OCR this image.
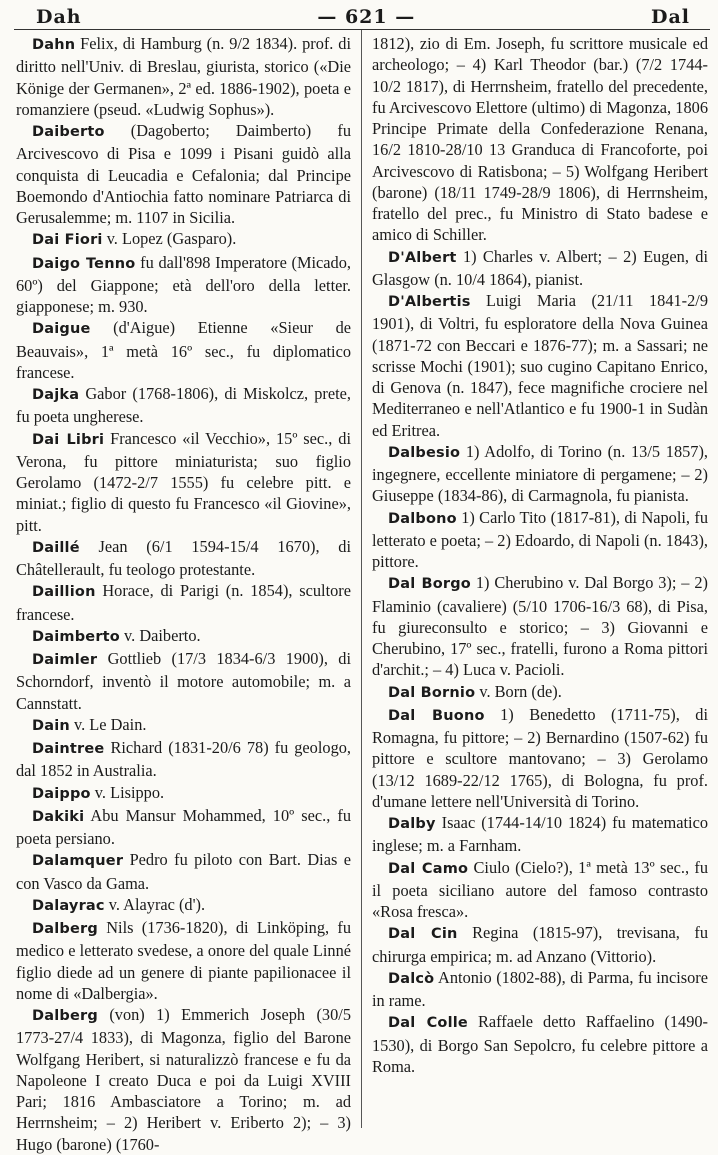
Dah	— 621 —	Dal

Dahn Felix, di Hamburg (n. 9/2 1834). prof. di diritto nell'Univ. di Breslau, giurista, storico («Die Könige der Germanen», 2ª ed. 1886-1902), poeta e romanziere (pseud. «Ludwig Sophus»).

Daiberto (Dagoberto; Daimberto) fu Arcivescovo di Pisa e 1099 i Pisani guidò alla conquista di Leucadia e Cefalonia; dal Principe Boemondo d'Antiochia fatto nominare Patriarca di Gerusalemme; m. 1107 in Sicilia.

Dai Fiori v. Lopez (Gasparo).

Daigo Tenno fu dall'898 Imperatore (Micado, 60º) del Giappone; età dell'oro della letter. giapponese; m. 930.

Daigue (d'Aigue) Etienne «Sieur de Beauvais», 1ª metà 16º sec., fu diplomatico francese.

Dajka Gabor (1768-1806), di Miskolcz, prete, fu poeta ungherese.

Dai Libri Francesco «il Vecchio», 15º sec., di Verona, fu pittore miniaturista; suo figlio Gerolamo (1472-2/7 1555) fu celebre pitt. e miniat.; figlio di questo fu Francesco «il Giovine», pitt.

Daillé Jean (6/1 1594-15/4 1670), di Châtellerault, fu teologo protestante.

Daillion Horace, di Parigi (n. 1854), scultore francese.

Daimberto v. Daiberto.

Daimler Gottlieb (17/3 1834-6/3 1900), di Schorndorf, inventò il motore automobile; m. a Cannstatt.

Dain v. Le Dain.

Daintree Richard (1831-20/6 78) fu geologo, dal 1852 in Australia.

Daippo v. Lisippo.

Dakiki Abu Mansur Mohammed, 10º sec., fu poeta persiano.

Dalamquer Pedro fu piloto con Bart. Dias e con Vasco da Gama.

Dalayrac v. Alayrac (d').

Dalberg Nils (1736-1820), di Linköping, fu medico e letterato svedese, a onore del quale Linné figlio diede ad un genere di piante papilionacee il nome di «Dalbergia».

Dalberg (von) 1) Emmerich Joseph (30/5 1773-27/4 1833), di Magonza, figlio del Barone Wolfgang Heribert, si naturalizzò francese e fu da Napoleone I creato Duca e poi da Luigi XVIII Pari; 1816 Ambasciatore a Torino; m. ad Herrnsheim; – 2) Heribert v. Eriberto 2); – 3) Hugo (barone) (1760-

1812), zio di Em. Joseph, fu scrittore musicale ed archeologo; – 4) Karl Theodor (bar.) (7/2 1744-10/2 1817), di Herrnsheim, fratello del precedente, fu Arcivescovo Elettore (ultimo) di Magonza, 1806 Principe Primate della Confederazione Renana, 16/2 1810-28/10 13 Granduca di Francoforte, poi Arcivescovo di Ratisbona; – 5) Wolfgang Heribert (barone) (18/11 1749-28/9 1806), di Herrnsheim, fratello del prec., fu Ministro di Stato badese e amico di Schiller.

D'Albert 1) Charles v. Albert; – 2) Eugen, di Glasgow (n. 10/4 1864), pianist.

D'Albertis Luigi Maria (21/11 1841-2/9 1901), di Voltri, fu esploratore della Nova Guinea (1871-72 con Beccari e 1876-77); m. a Sassari; ne scrisse Mochi (1901); suo cugino Capitano Enrico, di Genova (n. 1847), fece magnifiche crociere nel Mediterraneo e nell'Atlantico e fu 1900-1 in Sudàn ed Eritrea.

Dalbesio 1) Adolfo, di Torino (n. 13/5 1857), ingegnere, eccellente miniatore di pergamene; – 2) Giuseppe (1834-86), di Carmagnola, fu pianista.

Dalbono 1) Carlo Tito (1817-81), di Napoli, fu letterato e poeta; – 2) Edoardo, di Napoli (n. 1843), pittore.

Dal Borgo 1) Cherubino v. Dal Borgo 3); – 2) Flaminio (cavaliere) (5/10 1706-16/3 68), di Pisa, fu giureconsulto e storico; – 3) Giovanni e Cherubino, 17º sec., fratelli, furono a Roma pittori d'archit.; – 4) Luca v. Pacioli.

Dal Bornio v. Born (de).

Dal Buono 1) Benedetto (1711-75), di Romagna, fu pittore; – 2) Bernardino (1507-62) fu pittore e scultore mantovano; – 3) Gerolamo (13/12 1689-22/12 1765), di Bologna, fu prof. d'umane lettere nell'Università di Torino.

Dalby Isaac (1744-14/10 1824) fu matematico inglese; m. a Farnham.

Dal Camo Ciulo (Cielo?), 1ª metà 13º sec., fu il poeta siciliano autore del famoso contrasto «Rosa fresca».

Dal Cin Regina (1815-97), trevisana, fu chirurga empirica; m. ad Anzano (Vittorio).

Dalcò Antonio (1802-88), di Parma, fu incisore in rame.

Dal Colle Raffaele detto Raffaelino (1490-1530), di Borgo San Sepolcro, fu celebre pittore a Roma.
